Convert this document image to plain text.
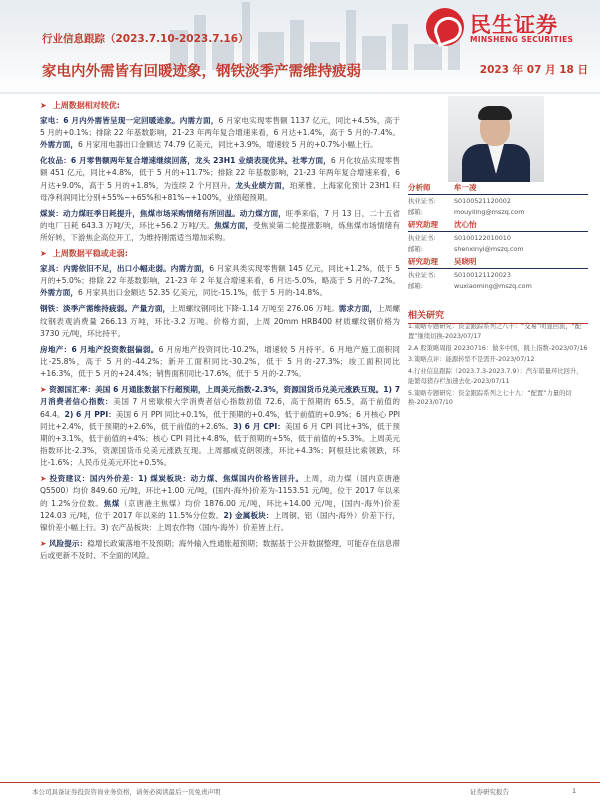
民生证券
MINSHENG SECURITIES
行业信息跟踪（2023.7.10-2023.7.16）
家电内外需皆有回暖迹象，钢铁淡季产需维持疲弱	2023 年 07 月 18 日
➤ 上周数据相对较优:
家电：6 月内外需皆呈现一定回暖迹象。内需方面，6 月家电实现零售额 1137 亿元，同比+4.5%，高于 5 月的+0.1%；排除 22 年基数影响，21-23 年两年复合增速来看，6 月达+1.4%，高于 5 月的-7.4%。外需方面，6 月家用电器出口金额达 74.79 亿美元，同比+3.9%，增速较 5 月的+0.7%小幅上行。
化妆品：6 月零售额两年复合增速继续回落，龙头 23H1 业绩表现优异。社零方面，6 月化妆品实现零售额 451 亿元，同比+4.8%，低于 5 月的+11.7%；排除 22 年基数影响，21-23 年两年复合增速来看，6 月达+9.0%，高于 5 月的+1.8%，为连续 2 个月回升。龙头业绩方面，珀莱雅、上海家化预计 23H1 归母净利润同比分别+55%~+65%和+81%~+100%，业绩超预期。
煤炭：动力煤旺季日耗提升，焦煤市场采购情绪有所回温。动力煤方面，旺季来临，7 月 13 日，二十五省的电厂日耗 643.3 万吨/天，环比+56.2 万吨/天。焦煤方面，受焦炭第二轮提涨影响，炼焦煤市场情绪有所好转，下游焦企高位开工，为维持刚需适当增加采购。
➤ 上周数据平稳或走弱:
家具：内需依旧不足，出口小幅走弱。内需方面，6 月家具类实现零售额 145 亿元，同比+1.2%，低于 5 月的+5.0%；排除 22 年基数影响，21-23 年 2 年复合增速来看，6 月达-5.0%，略高于 5 月的-7.2%。外需方面，6 月家具出口金额达 52.35 亿美元，同比-15.1%，低于 5 月的-14.8%。
钢铁：淡季产需维持疲弱。产量方面，上周螺纹钢同比下降-1.14 万吨至 276.06 万吨。需求方面，上周螺纹钢表观消费量 266.13 万吨，环比-3.2 万吨。价格方面，上周 20mm HRB400 材质螺纹钢价格为 3730 元/吨，环比持平。
房地产：6 月地产投资数据偏弱。6 月房地产投资同比-10.2%，增速较 5 月持平。6 月地产施工面积同比-25.8%，高于 5 月的-44.2%；新开工面积同比-30.2%，低于 5 月的-27.3%；竣工面积同比+16.3%，低于 5 月的+24.4%；销售面积同比-17.6%，低于 5 月的-2.7%。
➤ 资源国汇率：美国 6 月通胀数据下行超预期，上周美元指数-2.3%，资源国货币兑美元涨跌互现。1) 7 月消费者信心指数：美国 7 月密歇根大学消费者信心指数初值 72.6，高于预期的 65.5，高于前值的 64.4。2) 6 月 PPI：美国 6 月 PPI 同比+0.1%，低于预期的+0.4%，低于前值的+0.9%；6 月核心 PPI 同比+2.4%，低于预期的+2.6%，低于前值的+2.6%。3) 6 月 CPI：美国 6 月 CPI 同比+3%，低于预期的+3.1%，低于前值的+4%；核心 CPI 同比+4.8%，低于预期的+5%，低于前值的+5.3%。上周美元指数环比-2.3%，资源国货币兑美元涨跌互现。上周挪威克朗领涨，环比+4.3%；阿根廷比索领跌，环比-1.6%；人民币兑美元环比+0.5%。
➤ 投资建议：国内外价差：1) 煤炭板块：动力煤、焦煤国内价格皆回升。上周，动力煤（国内京唐港 Q5500）均价 849.60 元/吨，环比+1.00 元/吨，(国内-海外)价差为-1153.51 元/吨，位于 2017 年以来的 1.2%分位数。焦煤（京唐港主焦煤）均价 1876.00 元/吨，环比+14.00 元/吨，(国内-海外)价差 124.03 元/吨，位于 2017 年以来的 11.5%分位数。2) 金属板块：上周铜、铝（国内-海外）价差下行，镍价差小幅上行。3) 农产品板块：上周农作物（国内-海外）价差皆上行。
➤ 风险提示：稳增长政策落地不及预期；海外输入性通胀超预期；数据基于公开数据整理，可能存在信息滞后或更新不及时、不全面的风险。
分析师	牟一凌
执业证书:	S0100521120002
邮箱:	mouyiling@mszq.com
研究助理	沈心怡
执业证书:	S0100122010010
邮箱:	shenxinyi@mszq.com
研究助理	吴晓明
执业证书:	S0100121120023
邮箱:	wuxiaoming@mszq.com
相关研究
1.策略专题研究：资金跟踪系列之八十：“交易”明显回流，“配置”继续切换-2023/07/17
2.A 股策略周报 20230716：做多中国，跳上指数-2023/07/16
3.策略点评：能源转型不是需开-2023/07/12
4.行业信息跟踪（2023.7.3-2023.7.9）：汽车销量环比回升，能繁母猪存栏加速去化-2023/07/11
5.策略专题研究：资金跟踪系列之七十九：“配置”力量的切换-2023/07/10
本公司具备证券投资咨询业务资格，请务必阅读最后一页免责声明	证券研究报告	1
